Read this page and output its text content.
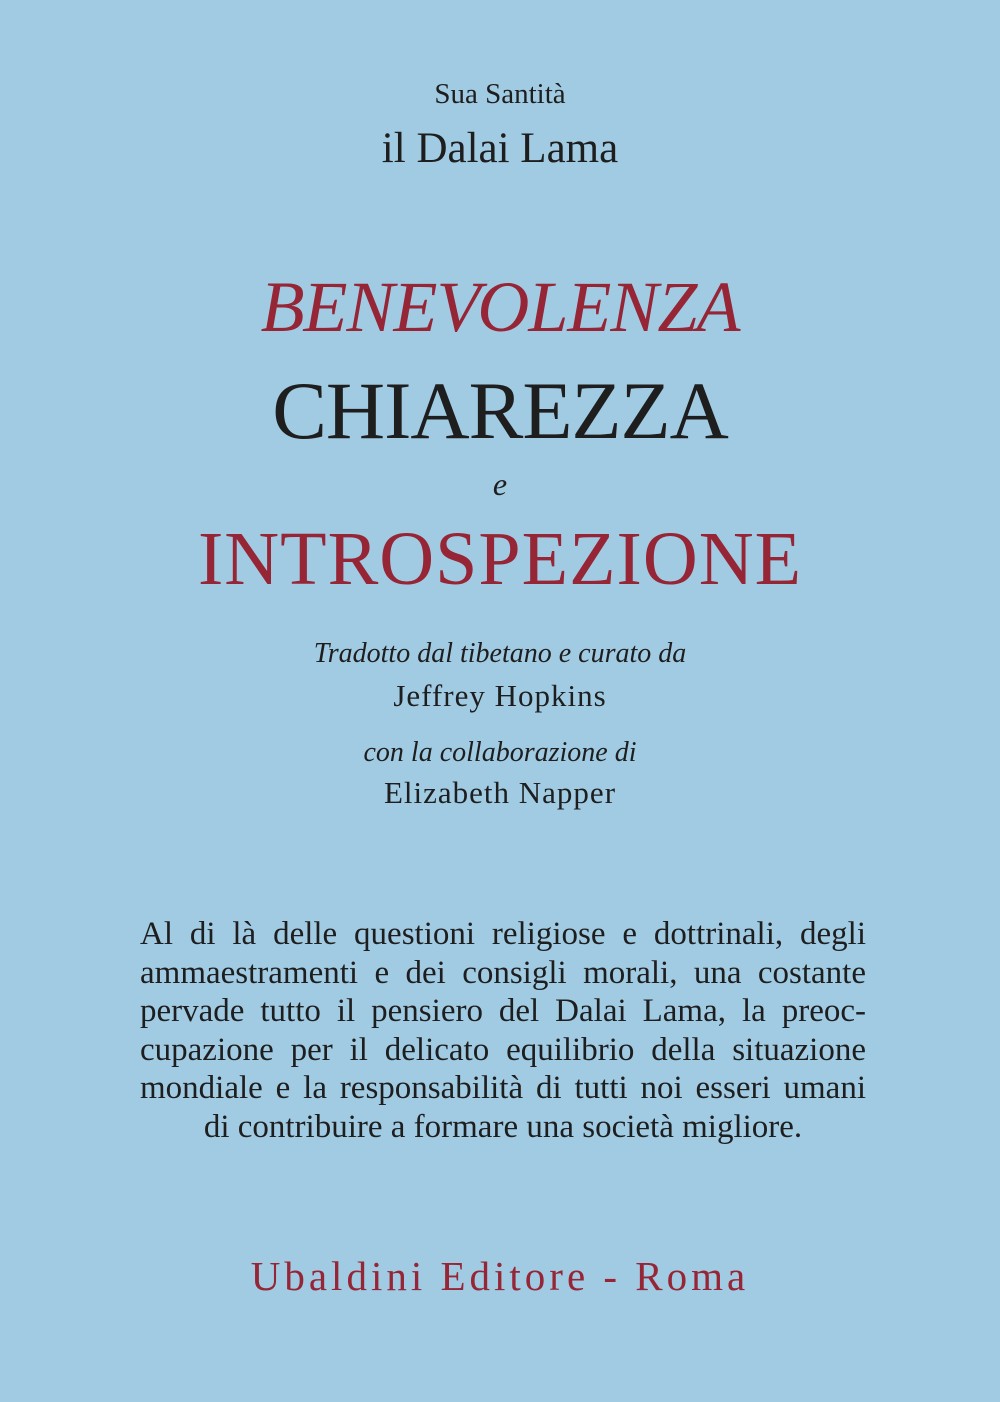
Sua Santità
il Dalai Lama
BENEVOLENZA
CHIAREZZA
e
INTROSPEZIONE
Tradotto dal tibetano e curato da
Jeffrey Hopkins
con la collaborazione di
Elizabeth Napper
Al di là delle questioni religiose e dottrinali, degli
ammaestramenti e dei consigli morali, una costante
pervade tutto il pensiero del Dalai Lama, la preoc-
cupazione per il delicato equilibrio della situazione
mondiale e la responsabilità di tutti noi esseri umani
di contribuire a formare una società migliore.
Ubaldini Editore - Roma
